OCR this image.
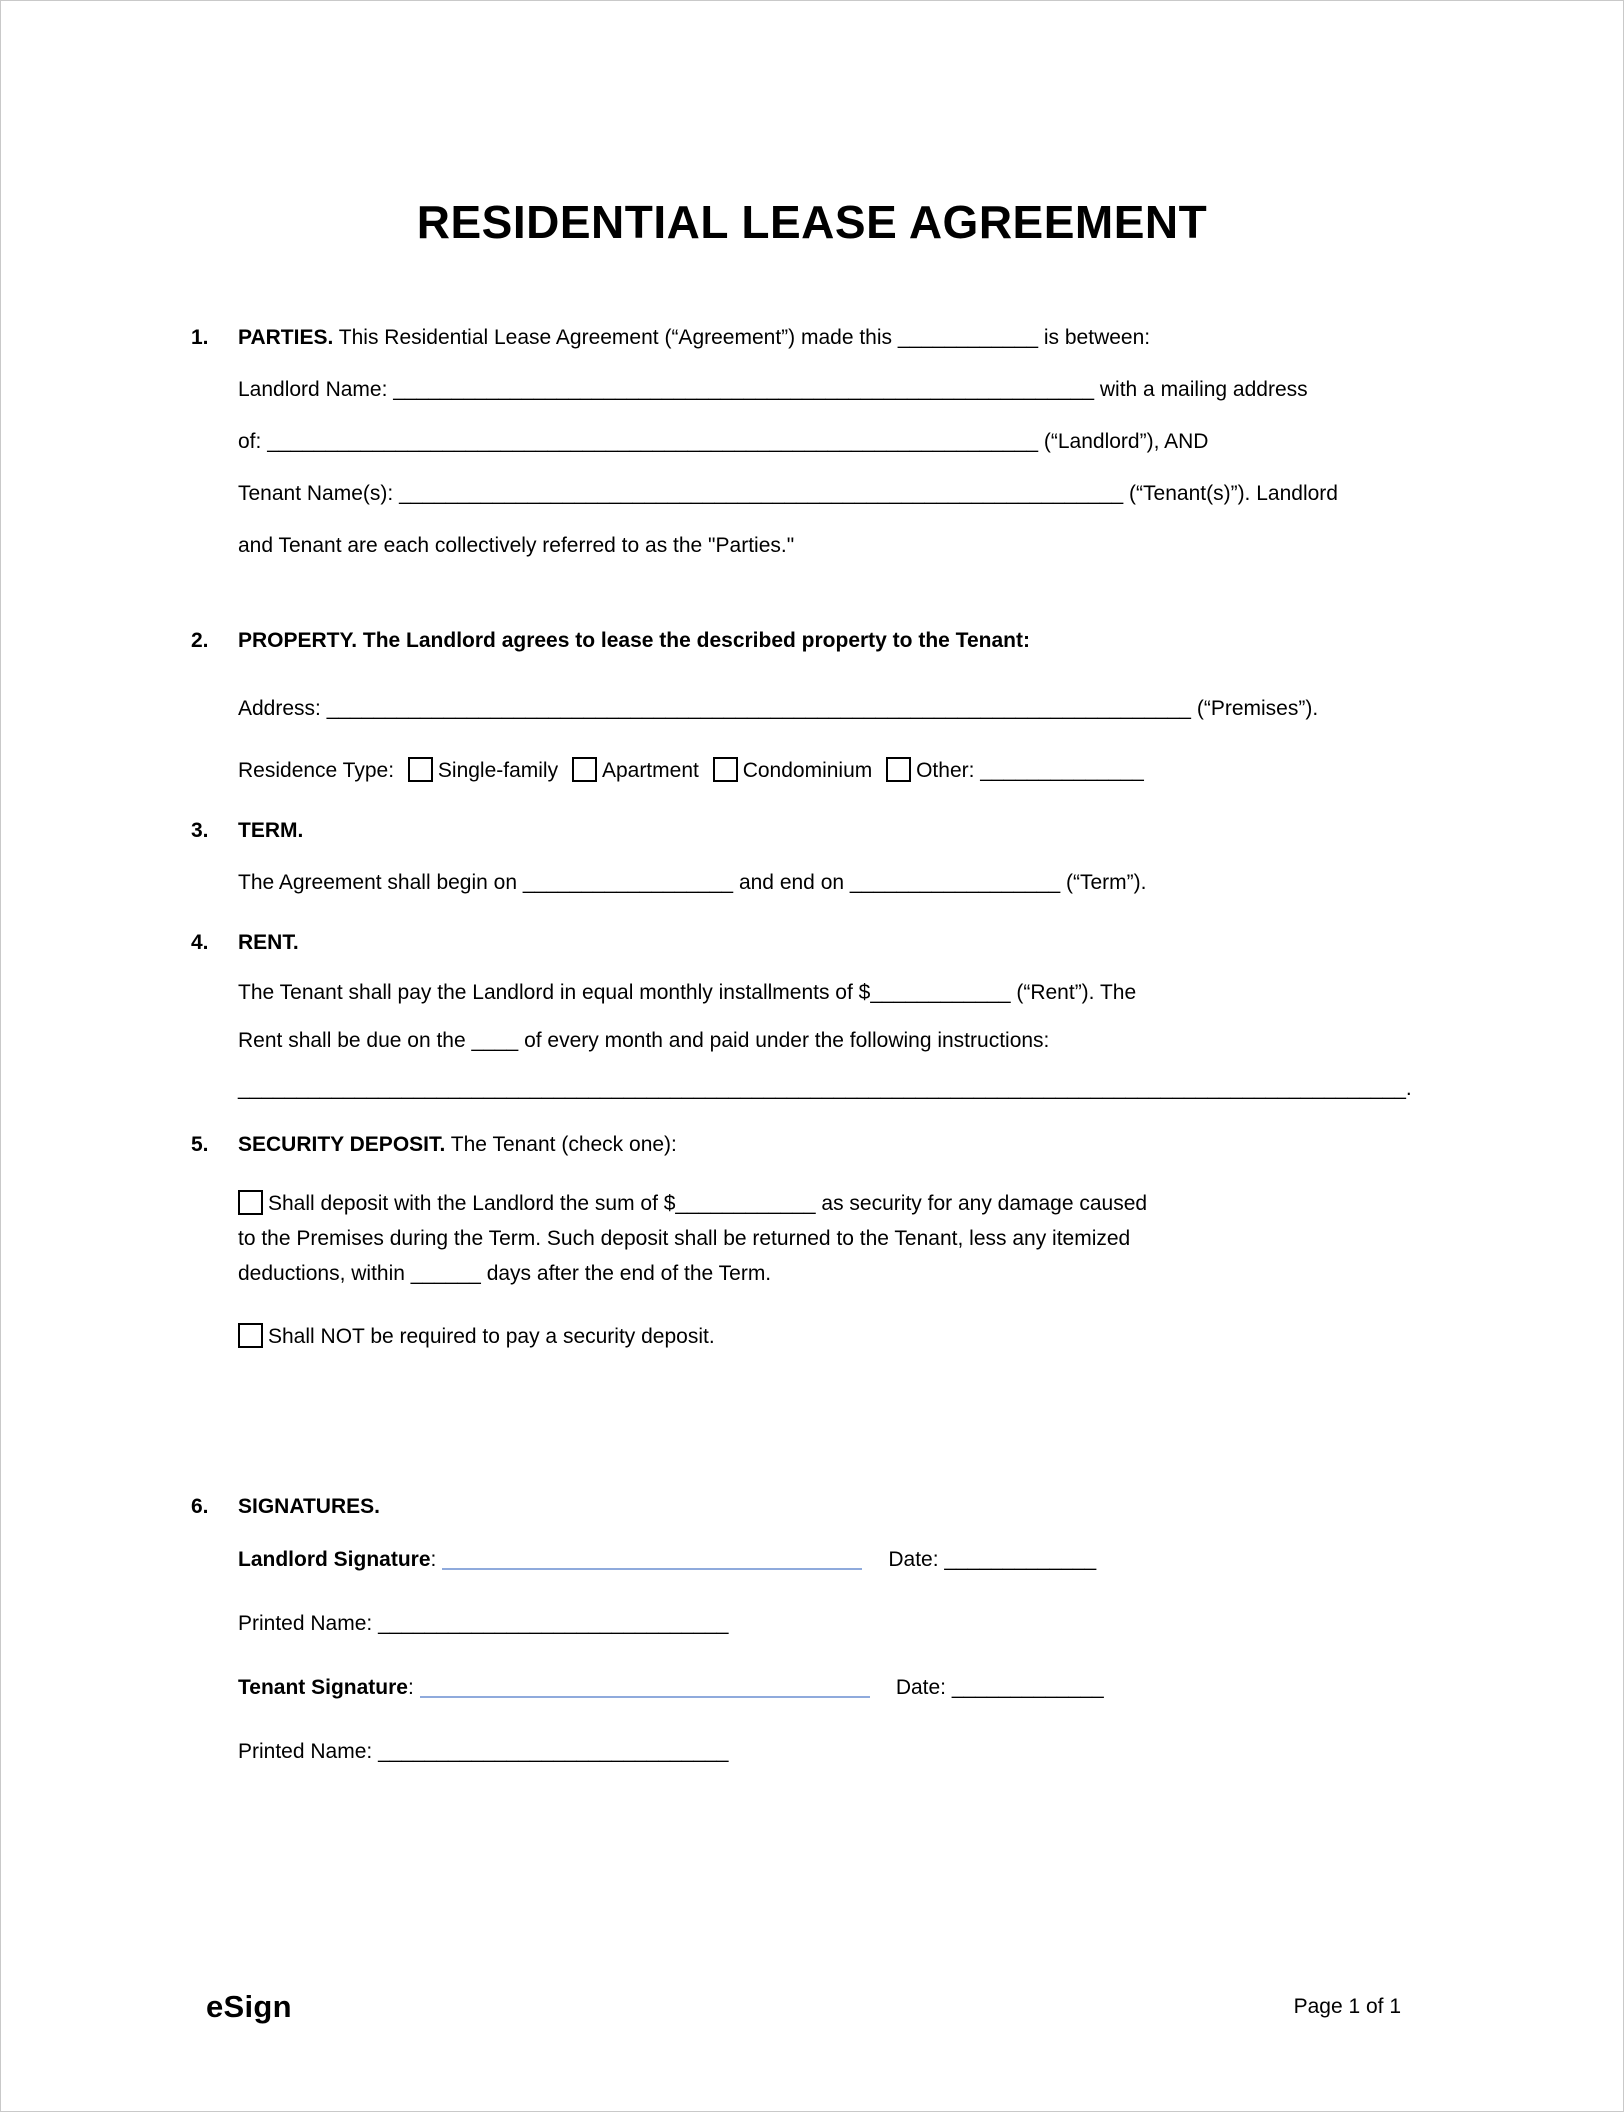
RESIDENTIAL LEASE AGREEMENT
1.	PARTIES. This Residential Lease Agreement (“Agreement”) made this ____________ is between:
Landlord Name: ____________________________________________________________ with a mailing address
of: __________________________________________________________________ (“Landlord”), AND
Tenant Name(s): ______________________________________________________________ (“Tenant(s)”). Landlord
and Tenant are each collectively referred to as the "Parties."
2.	PROPERTY. The Landlord agrees to lease the described property to the Tenant:
Address: __________________________________________________________________________ (“Premises”).
Residence Type: Single-family Apartment Condominium Other: ______________
3.	TERM.
The Agreement shall begin on __________________ and end on __________________ (“Term”).
4.	RENT.
The Tenant shall pay the Landlord in equal monthly installments of $____________ (“Rent”). The
Rent shall be due on the ____ of every month and paid under the following instructions:
____________________________________________________________________________________________________.
5.	SECURITY DEPOSIT. The Tenant (check one):
Shall deposit with the Landlord the sum of $____________ as security for any damage caused
to the Premises during the Term. Such deposit shall be returned to the Tenant, less any itemized
deductions, within ______ days after the end of the Term.
Shall NOT be required to pay a security deposit.
6.	SIGNATURES.
Landlord Signature:	Date: _____________
Printed Name: ______________________________
Tenant Signature:	Date: _____________
Printed Name: ______________________________
eSign	Page 1 of 1
